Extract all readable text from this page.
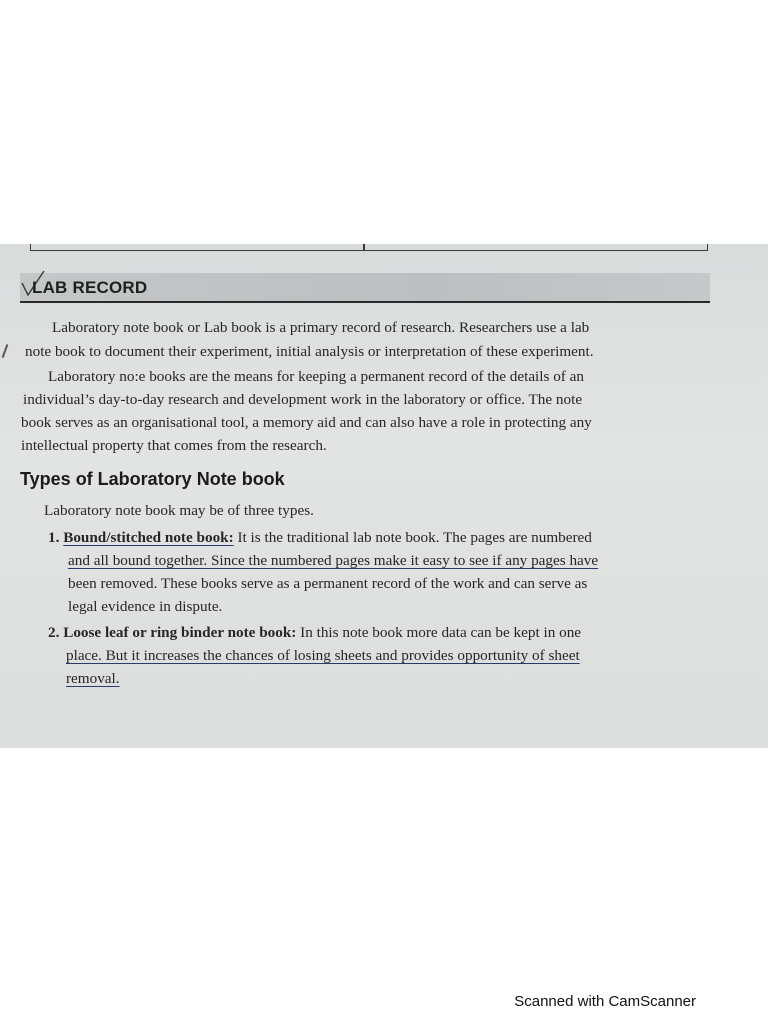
LAB RECORD
Laboratory note book or Lab book is a primary record of research. Researchers use a lab
note book to document their experiment, initial analysis or interpretation of these experiment.
Laboratory no:e books are the means for keeping a permanent record of the details of an
individual’s day-to-day research and development work in the laboratory or office. The note
book serves as an organisational tool, a memory aid and can also have a role in protecting any
intellectual property that comes from the research.
Types of Laboratory Note book
Laboratory note book may be of three types.
1. Bound/stitched note book: It is the traditional lab note book. The pages are numbered
and all bound together. Since the numbered pages make it easy to see if any pages have
been removed. These books serve as a permanent record of the work and can serve as
legal evidence in dispute.
2. Loose leaf or ring binder note book: In this note book more data can be kept in one
place. But it increases the chances of losing sheets and provides opportunity of sheet
removal.
Scanned with CamScanner
